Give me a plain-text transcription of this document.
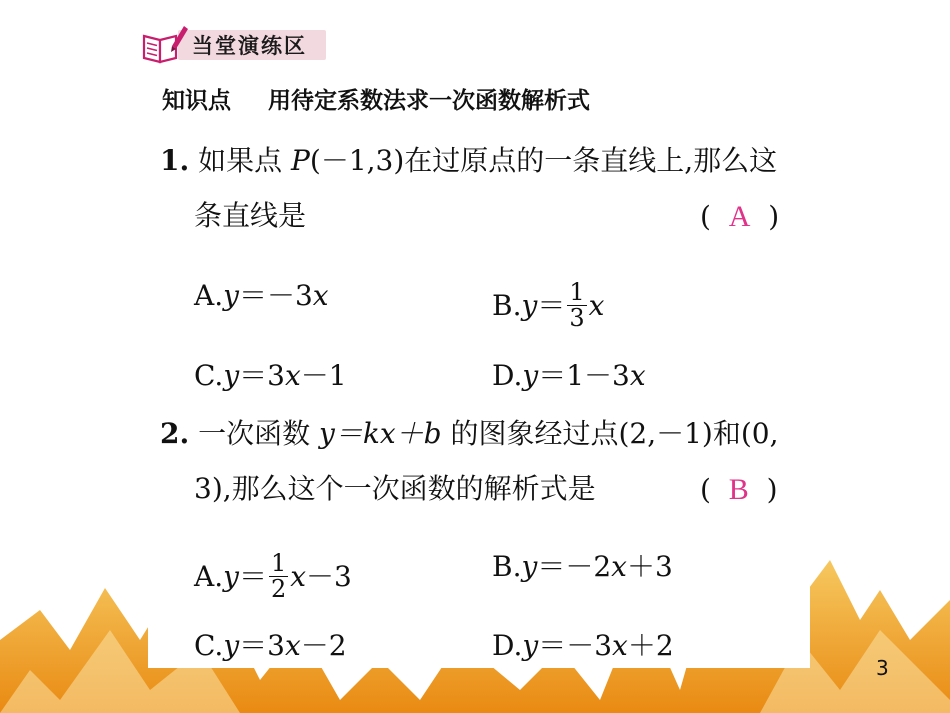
当堂演练区
知识点 用待定系数法求一次函数解析式
1. 如果点 P(－1,3)在过原点的一条直线上,那么这
条直线是	( A )
A.y＝－3x	$B.y= \frac{1}{3}$ x
C.y＝3x－1	D.y＝1－3x
2. 一次函数 y＝kx＋b 的图象经过点(2,－1)和(0,
3),那么这个一次函数的解析式是	( B )
$A.y= \frac{1}{2} x-3$	B.y＝－2x＋3
C.y＝3x－2	D.y＝－3x＋2
3
